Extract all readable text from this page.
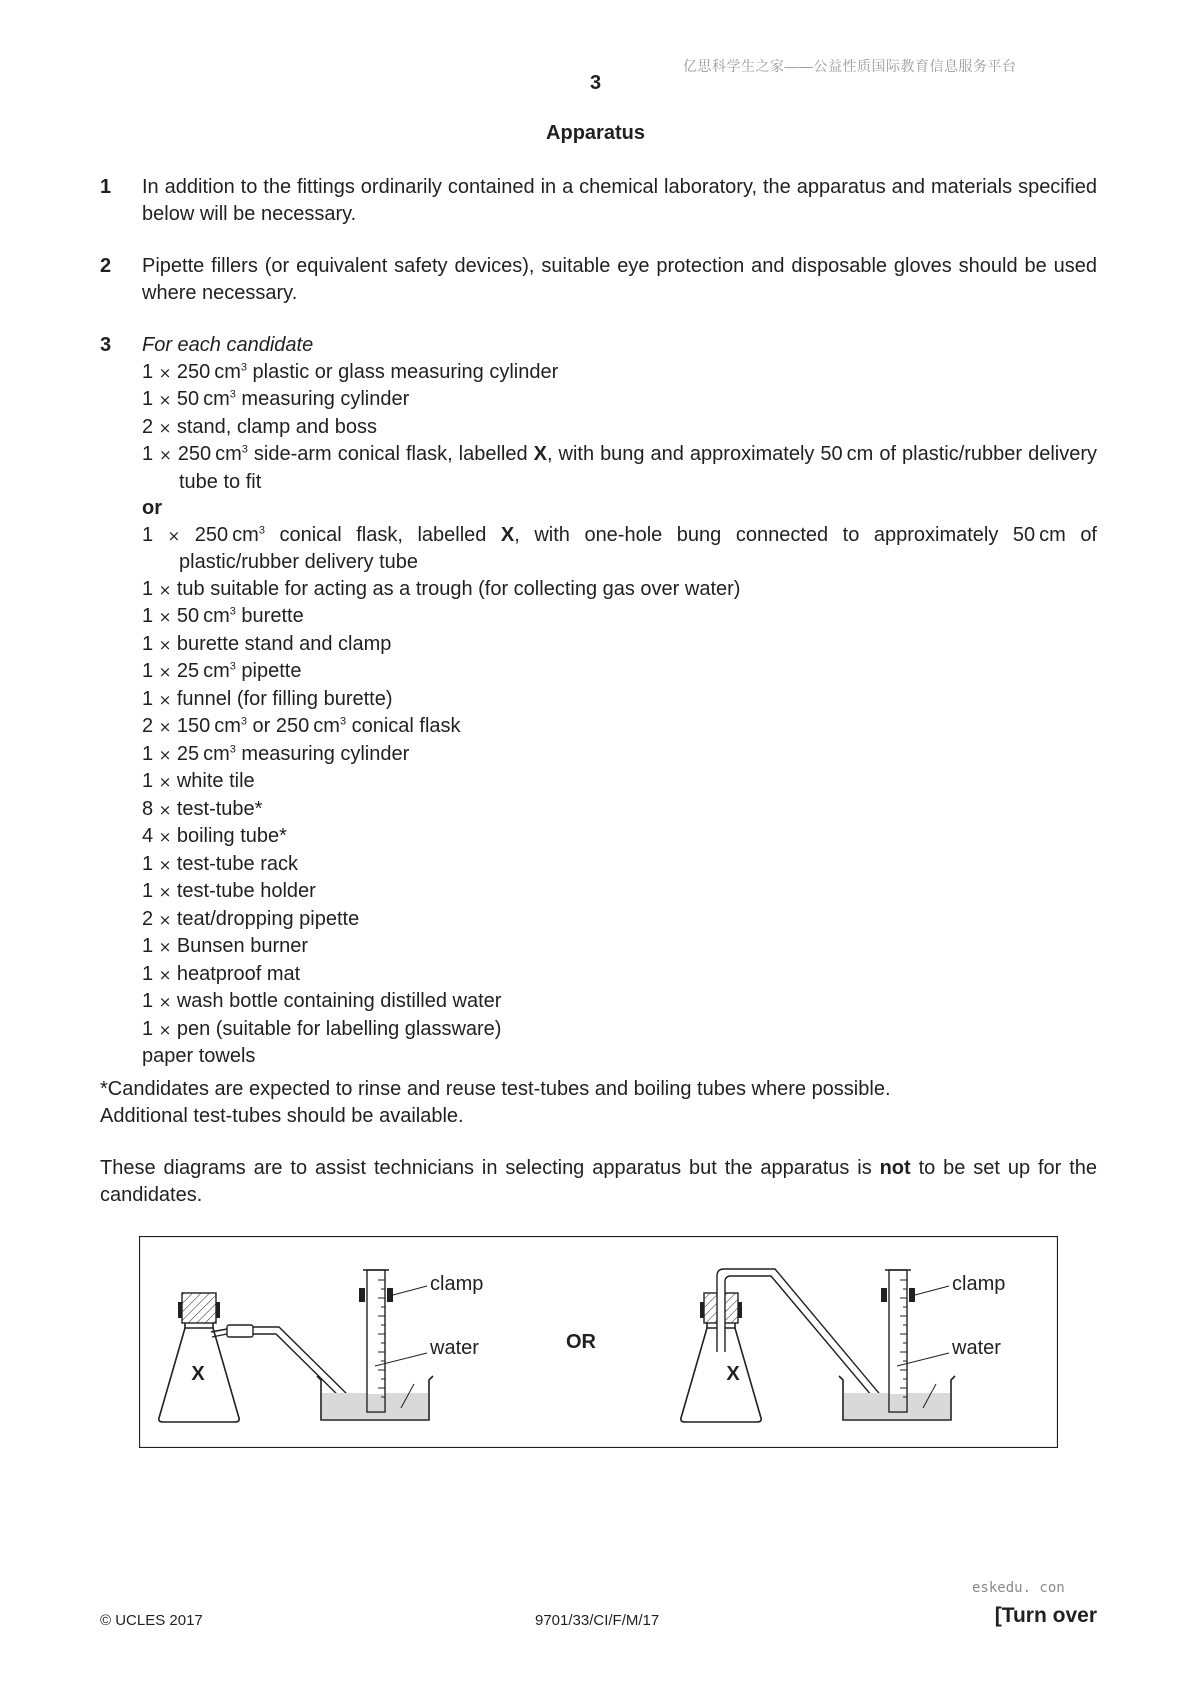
亿思科学生之家——公益性质国际教育信息服务平台
3
Apparatus
1 In addition to the fittings ordinarily contained in a chemical laboratory, the apparatus and materials specified below will be necessary.
2 Pipette fillers (or equivalent safety devices), suitable eye protection and disposable gloves should be used where necessary.
3 For each candidate
1 × 250 $cm^3$ plastic or glass measuring cylinder
1 × 50 $cm^3$ measuring cylinder
2 × stand, clamp and boss
1 × 250 $cm^3$ side-arm conical flask, labelled X, with bung and approximately 50 cm of plastic/rubber delivery tube to fit
or
1 × 250 $cm^3$ conical flask, labelled X, with one-hole bung connected to approximately 50 cm of plastic/rubber delivery tube
1 × tub suitable for acting as a trough (for collecting gas over water)
1 × 50 $cm^3$ burette
1 × burette stand and clamp
1 × 25 $cm^3$ pipette
1 × funnel (for filling burette)
2 × 150 $cm^3$ or 250 $cm^3$ conical flask
1 × 25 $cm^3$ measuring cylinder
1 × white tile
8 × test-tube*
4 × boiling tube*
1 × test-tube rack
1 × test-tube holder
2 × teat/dropping pipette
1 × Bunsen burner
1 × heatproof mat
1 × wash bottle containing distilled water
1 × pen (suitable for labelling glassware)
paper towels
*Candidates are expected to rinse and reuse test-tubes and boiling tubes where possible.
Additional test-tubes should be available.
These diagrams are to assist technicians in selecting apparatus but the apparatus is not to be set up for the candidates.
X
clamp
water	OR
X
clamp
water
eskedu. con
© UCLES 2017	9701/33/CI/F/M/17	[Turn over
